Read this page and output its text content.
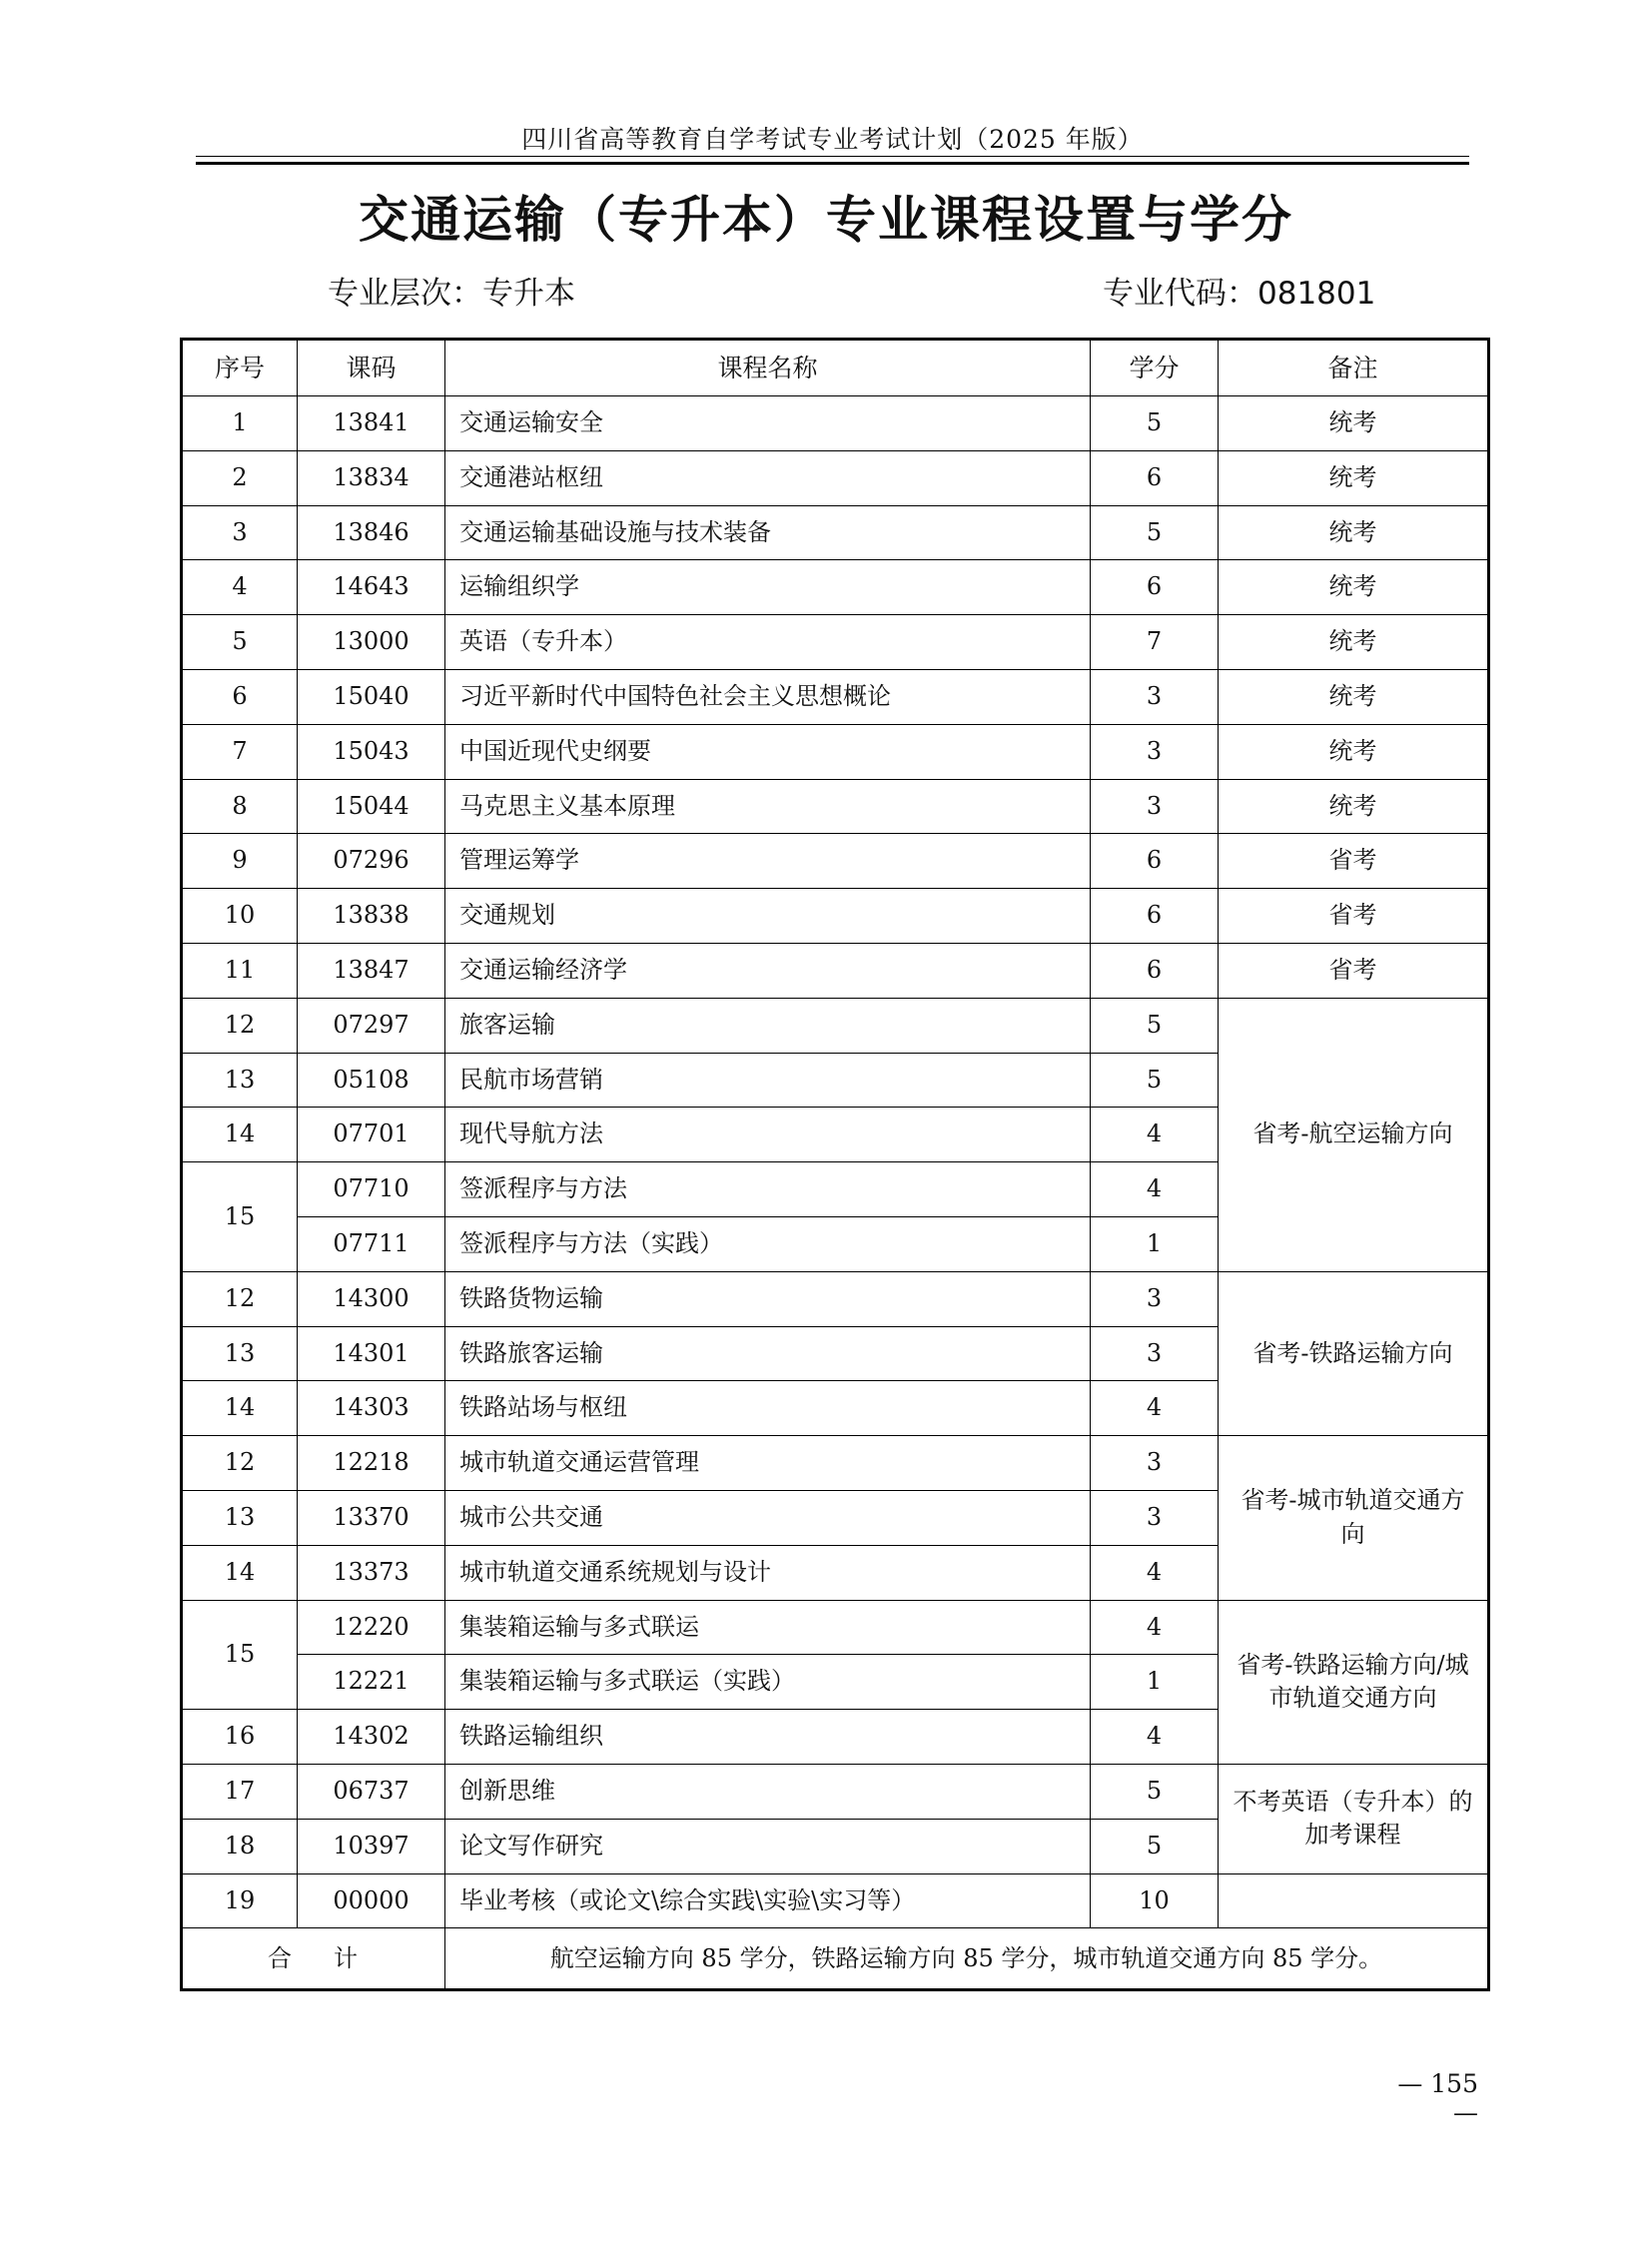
四川省高等教育自学考试专业考试计划（2025 年版）
交通运输（专升本）专业课程设置与学分
专业层次：专升本	专业代码：081801
序号	课码	课程名称	学分	备注
1	13841	交通运输安全	5	统考
2	13834	交通港站枢纽	6	统考
3	13846	交通运输基础设施与技术装备	5	统考
4	14643	运输组织学	6	统考
5	13000	英语（专升本）	7	统考
6	15040	习近平新时代中国特色社会主义思想概论	3	统考
7	15043	中国近现代史纲要	3	统考
8	15044	马克思主义基本原理	3	统考
9	07296	管理运筹学	6	省考
10	13838	交通规划	6	省考
11	13847	交通运输经济学	6	省考
12	07297	旅客运输	5	省考-航空运输方向
13	05108	民航市场营销	5	
14	07701	现代导航方法	4	
15	07710	签派程序与方法	4	
	07711	签派程序与方法（实践）	1	
12	14300	铁路货物运输	3	省考-铁路运输方向
13	14301	铁路旅客运输	3	
14	14303	铁路站场与枢纽	4	
12	12218	城市轨道交通运营管理	3	省考-城市轨道交通方向
13	13370	城市公共交通	3	
14	13373	城市轨道交通系统规划与设计	4	
15	12220	集装箱运输与多式联运	4	省考-铁路运输方向/城市轨道交通方向
	12221	集装箱运输与多式联运（实践）	1	
16	14302	铁路运输组织	4	
17	06737	创新思维	5	不考英语（专升本）的加考课程
18	10397	论文写作研究	5	
19	00000	毕业考核（或论文\综合实践\实验\实习等）	10	
合计		航空运输方向 85 学分，铁路运输方向 85 学分，城市轨道交通方向 85 学分。		
— 155 —
